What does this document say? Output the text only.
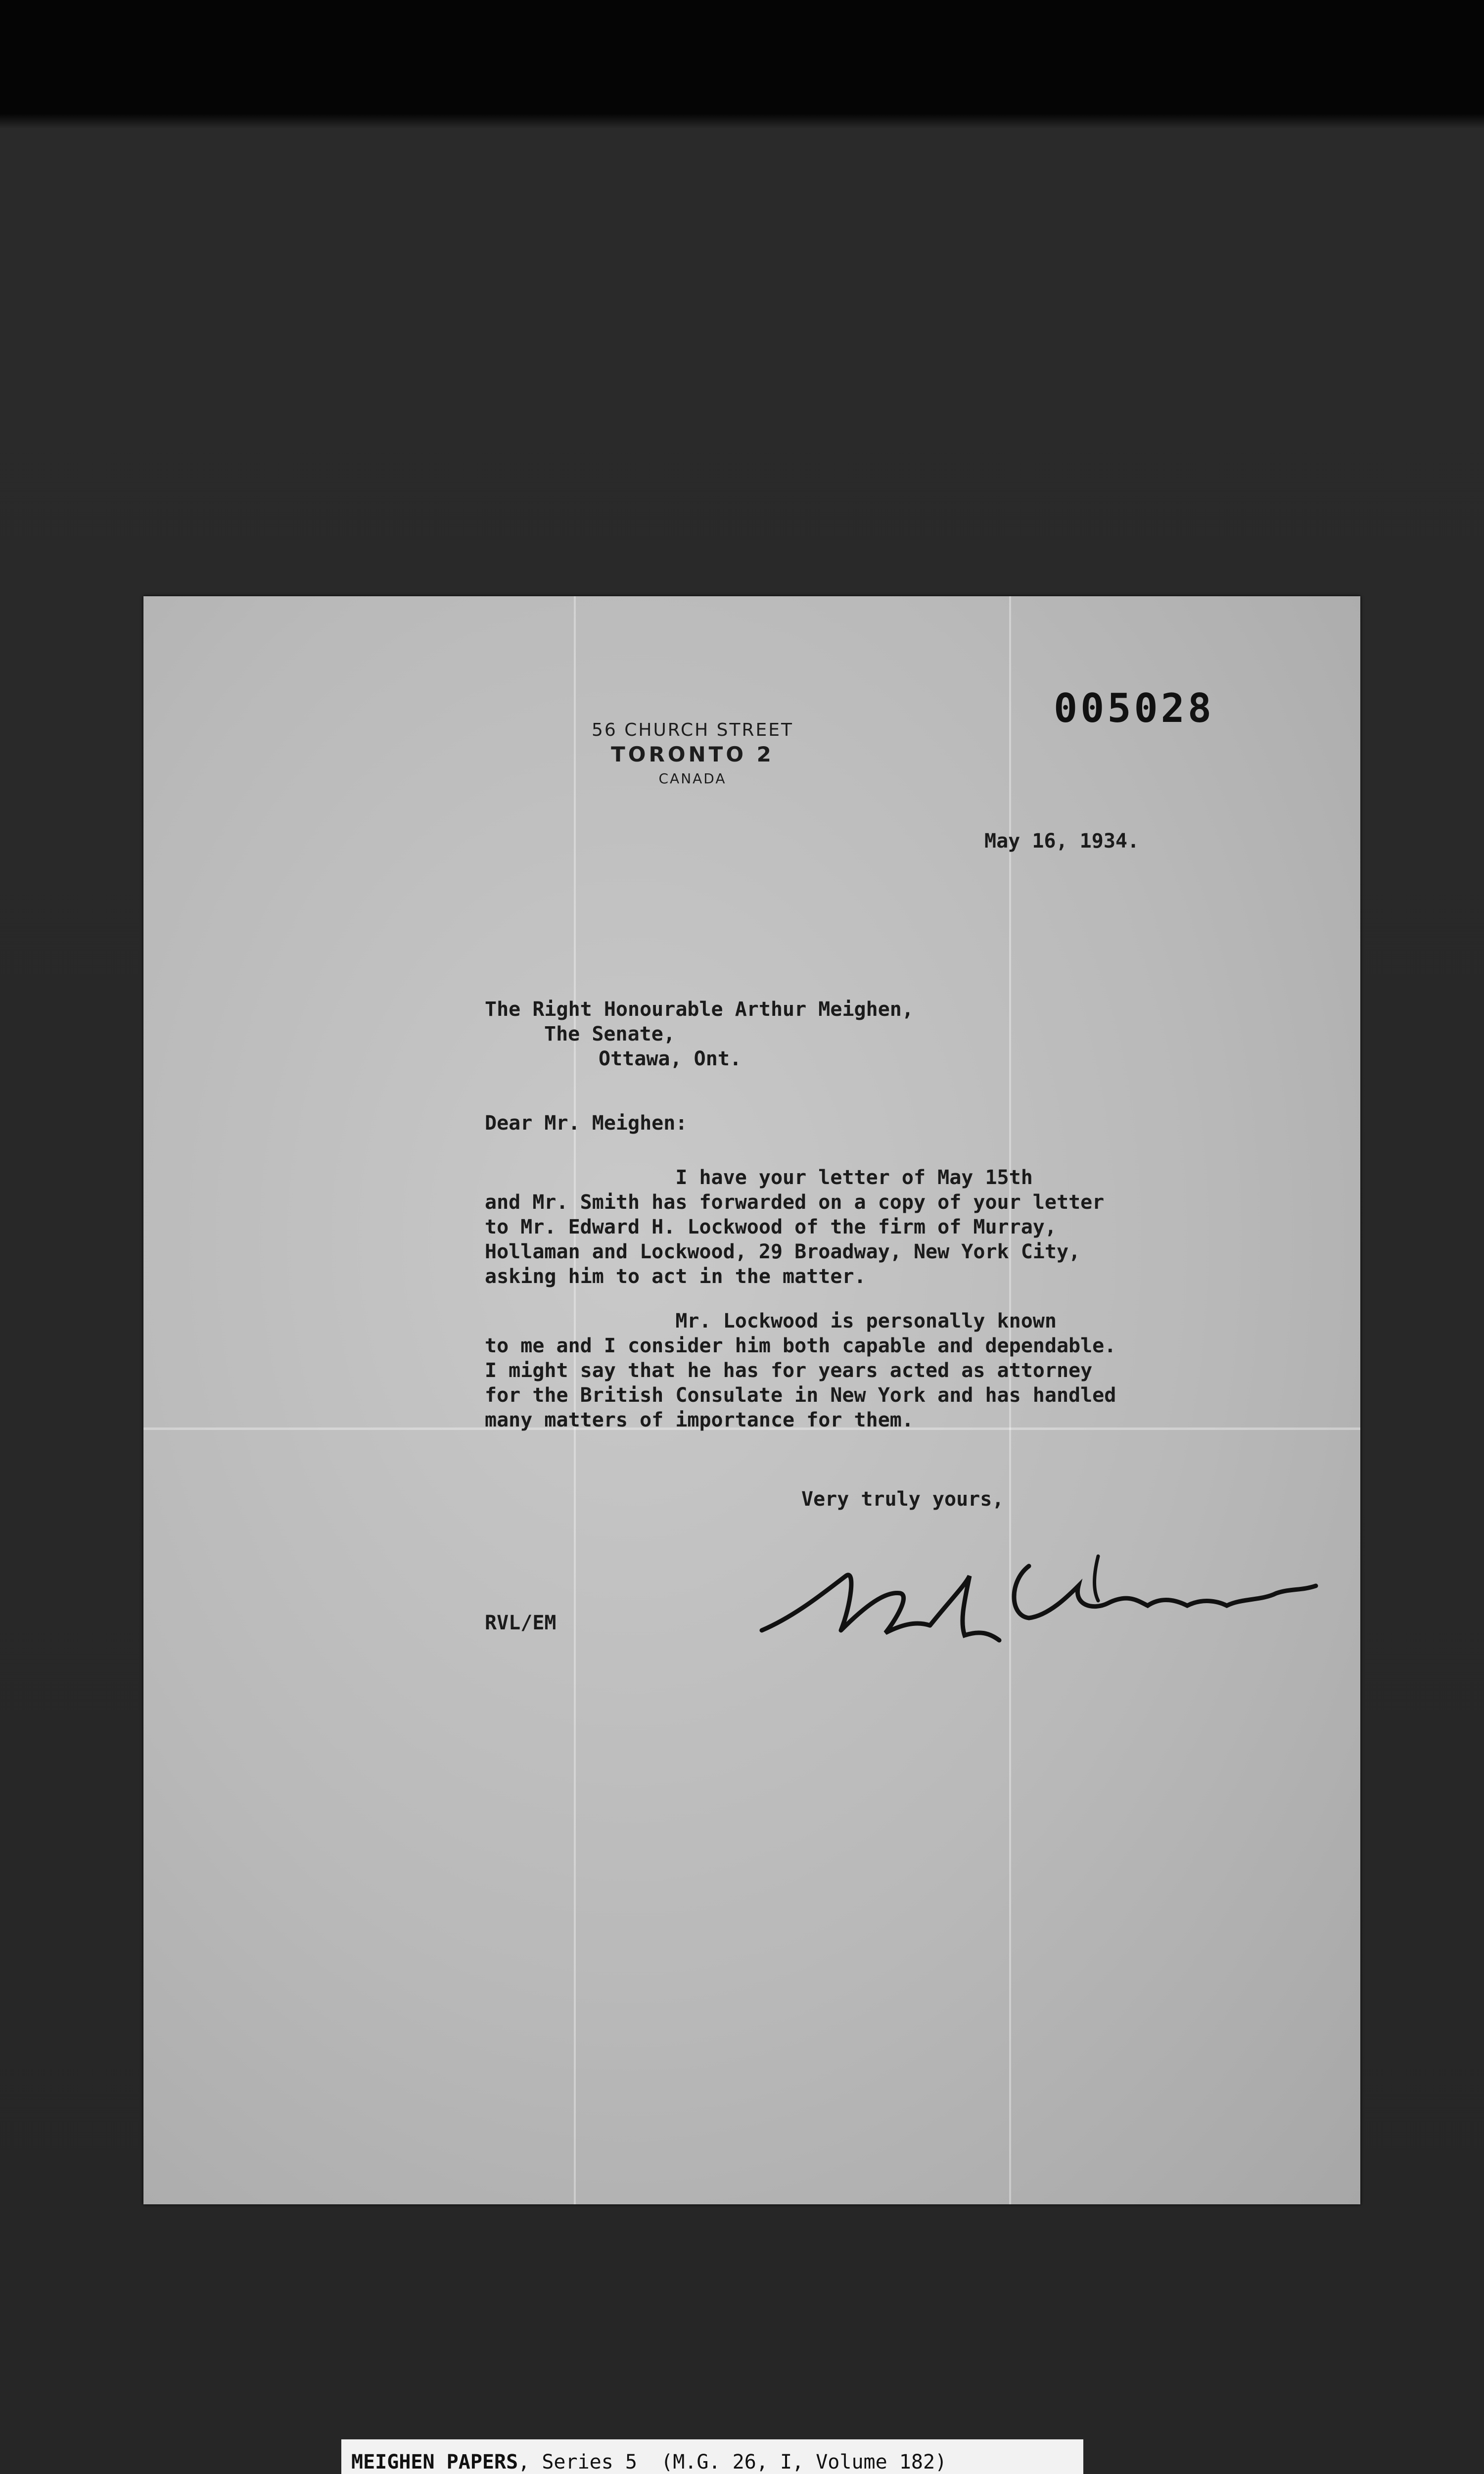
56 CHURCH STREET
TORONTO 2
CANADA
005028
May 16, 1934.
The Right Honourable Arthur Meighen,
The Senate,
Ottawa, Ont.
Dear Mr. Meighen:
I have your letter of May 15th
and Mr. Smith has forwarded on a copy of your letter
to Mr. Edward H. Lockwood of the firm of Murray,
Hollaman and Lockwood, 29 Broadway, New York City,
asking him to act in the matter.
Mr. Lockwood is personally known
to me and I consider him both capable and dependable.
I might say that he has for years acted as attorney
for the British Consulate in New York and has handled
many matters of importance for them.
Very truly yours,
RVL/EM
MEIGHEN PAPERS, Series 5  (M.G. 26, I, Volume 182)
